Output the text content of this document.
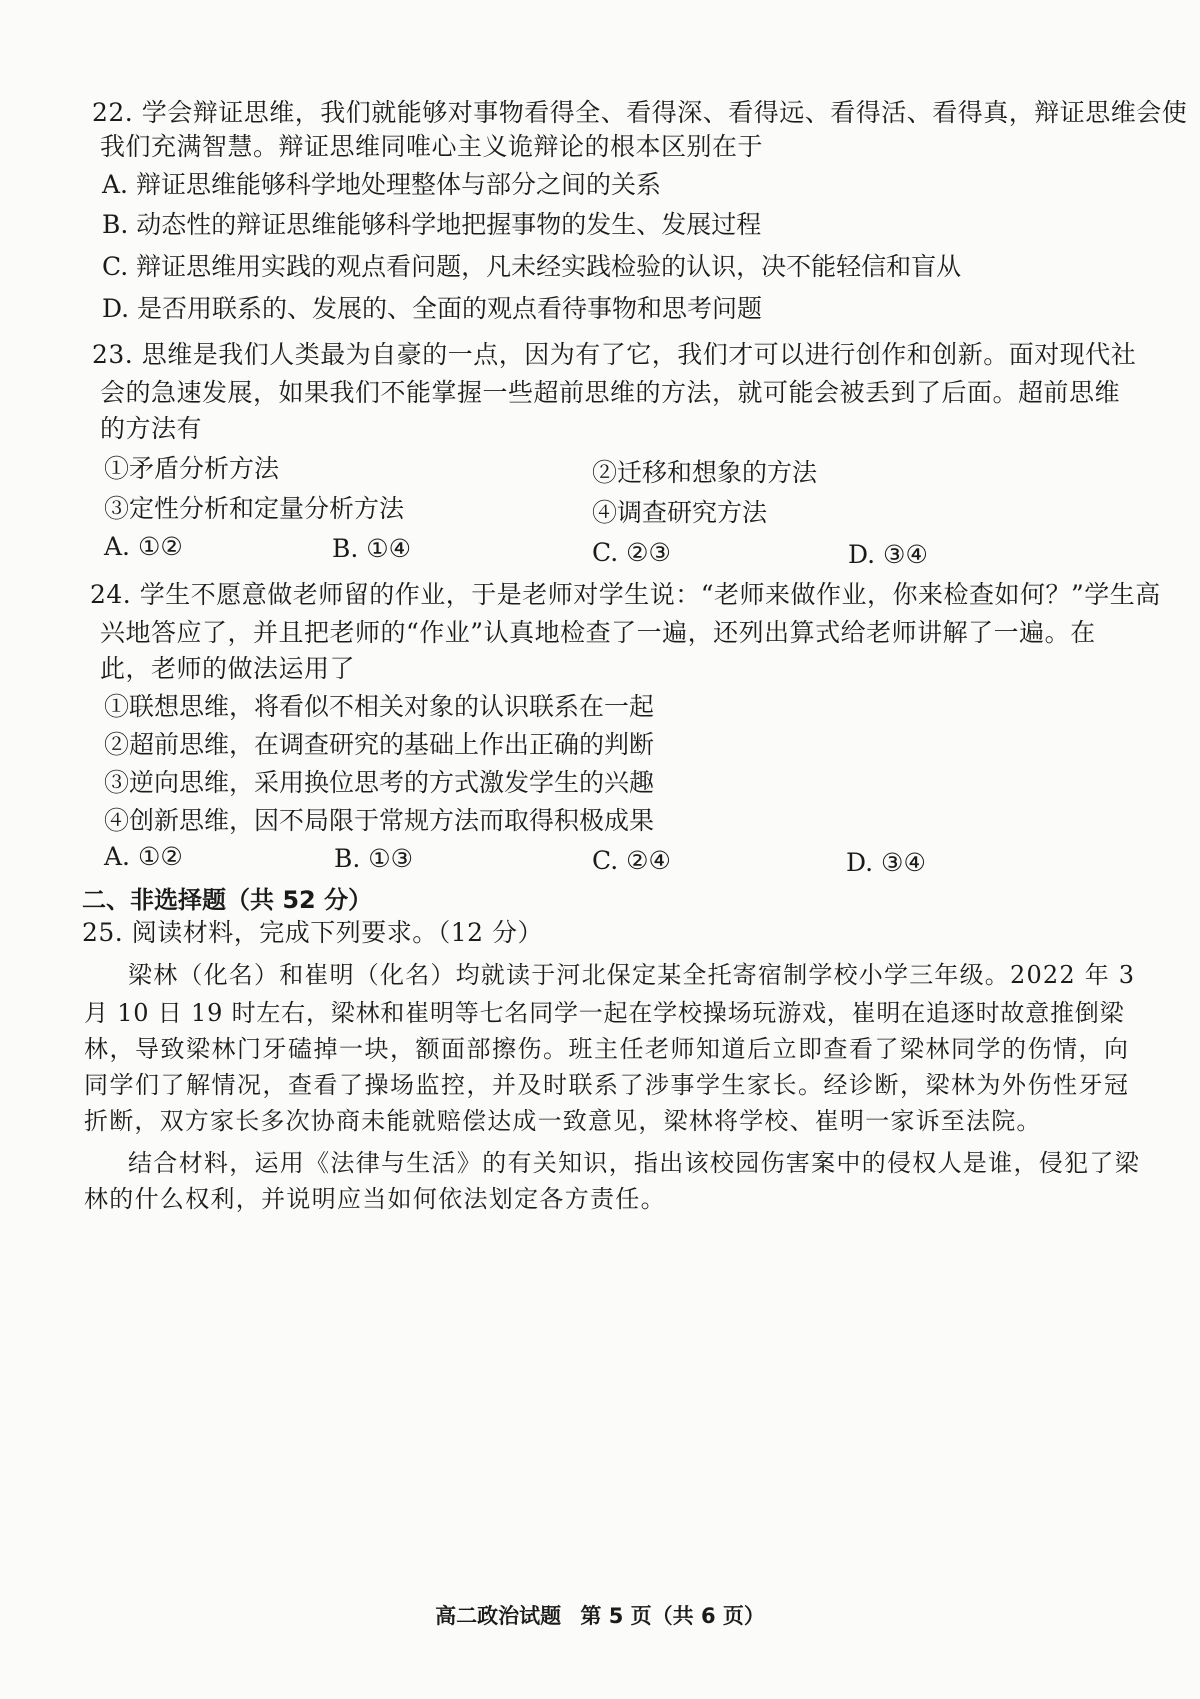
22. 学会辩证思维，我们就能够对事物看得全、看得深、看得远、看得活、看得真，辩证思维会使
我们充满智慧。辩证思维同唯心主义诡辩论的根本区别在于
A. 辩证思维能够科学地处理整体与部分之间的关系
B. 动态性的辩证思维能够科学地把握事物的发生、发展过程
C. 辩证思维用实践的观点看问题，凡未经实践检验的认识，决不能轻信和盲从
D. 是否用联系的、发展的、全面的观点看待事物和思考问题
23. 思维是我们人类最为自豪的一点，因为有了它，我们才可以进行创作和创新。面对现代社
会的急速发展，如果我们不能掌握一些超前思维的方法，就可能会被丢到了后面。超前思维
的方法有
①矛盾分析方法	②迁移和想象的方法
③定性分析和定量分析方法	④调查研究方法
A. ①②	B. ①④	C. ②③	D. ③④
24. 学生不愿意做老师留的作业，于是老师对学生说：“老师来做作业，你来检查如何？”学生高
兴地答应了，并且把老师的“作业”认真地检查了一遍，还列出算式给老师讲解了一遍。在
此，老师的做法运用了
①联想思维，将看似不相关对象的认识联系在一起
②超前思维，在调查研究的基础上作出正确的判断
③逆向思维，采用换位思考的方式激发学生的兴趣
④创新思维，因不局限于常规方法而取得积极成果
A. ①②	B. ①③	C. ②④	D. ③④
二、非选择题（共 52 分）
25. 阅读材料，完成下列要求。（12 分）
梁林（化名）和崔明（化名）均就读于河北保定某全托寄宿制学校小学三年级。2022 年 3
月 10 日 19 时左右，梁林和崔明等七名同学一起在学校操场玩游戏，崔明在追逐时故意推倒梁
林，导致梁林门牙磕掉一块，额面部擦伤。班主任老师知道后立即查看了梁林同学的伤情，向
同学们了解情况，查看了操场监控，并及时联系了涉事学生家长。经诊断，梁林为外伤性牙冠
折断，双方家长多次协商未能就赔偿达成一致意见，梁林将学校、崔明一家诉至法院。
结合材料，运用《法律与生活》的有关知识，指出该校园伤害案中的侵权人是谁，侵犯了梁
林的什么权利，并说明应当如何依法划定各方责任。
高二政治试题 第 5 页（共 6 页）
